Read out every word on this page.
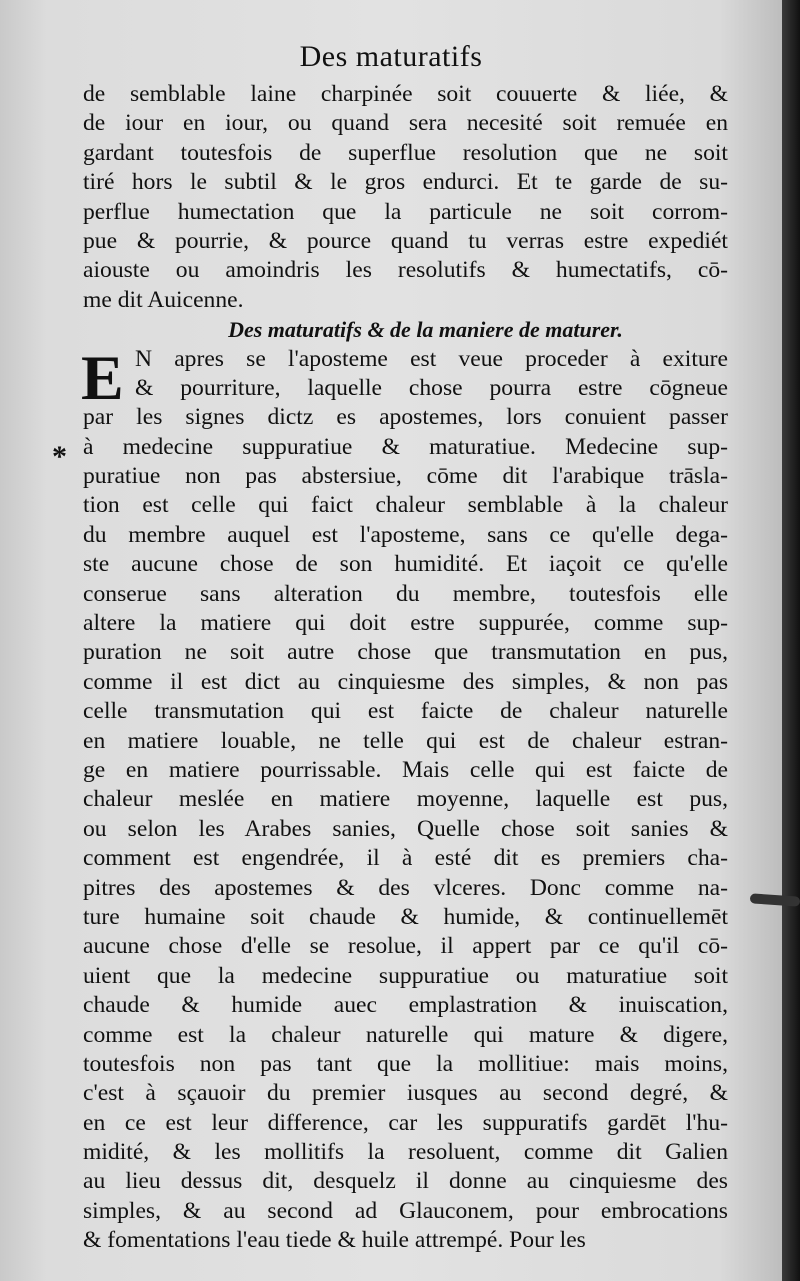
Des maturatifs
*
de semblable laine charpinée soit couuerte & liée, &
de iour en iour, ou quand sera necesité soit remuée en
gardant toutesfois de superflue resolution que ne soit
tiré hors le subtil & le gros endurci. Et te garde de su-
perflue humectation que la particule ne soit corrom-
pue & pourrie, & pource quand tu verras estre expediét
aiouste ou amoindris les resolutifs & humectatifs, cō-
me dit Auicenne.
Des maturatifs & de la maniere de maturer.
N apres se l'aposteme est veue proceder à exiture
E & pourriture, laquelle chose pourra estre cōgneue
par les signes dictz es apostemes, lors conuient passer
à medecine suppuratiue & maturatiue. Medecine sup-
puratiue non pas abstersiue, cōme dit l'arabique trāsla-
tion est celle qui faict chaleur semblable à la chaleur
du membre auquel est l'aposteme, sans ce qu'elle dega-
ste aucune chose de son humidité. Et iaçoit ce qu'elle
conserue sans alteration du membre, toutesfois elle
altere la matiere qui doit estre suppurée, comme sup-
puration ne soit autre chose que transmutation en pus,
comme il est dict au cinquiesme des simples, & non pas
celle transmutation qui est faicte de chaleur naturelle
en matiere louable, ne telle qui est de chaleur estran-
ge en matiere pourrissable. Mais celle qui est faicte de
chaleur meslée en matiere moyenne, laquelle est pus,
ou selon les Arabes sanies, Quelle chose soit sanies &
comment est engendrée, il à esté dit es premiers cha-
pitres des apostemes & des vlceres. Donc comme na-
ture humaine soit chaude & humide, & continuellemēt
aucune chose d'elle se resolue, il appert par ce qu'il cō-
uient que la medecine suppuratiue ou maturatiue soit
chaude & humide auec emplastration & inuiscation,
comme est la chaleur naturelle qui mature & digere,
toutesfois non pas tant que la mollitiue: mais moins,
c'est à sçauoir du premier iusques au second degré, &
en ce est leur difference, car les suppuratifs gardēt l'hu-
midité, & les mollitifs la resoluent, comme dit Galien
au lieu dessus dit, desquelz il donne au cinquiesme des
simples, & au second ad Glauconem, pour embrocations
& fomentations l'eau tiede & huile attrempé. Pour les
